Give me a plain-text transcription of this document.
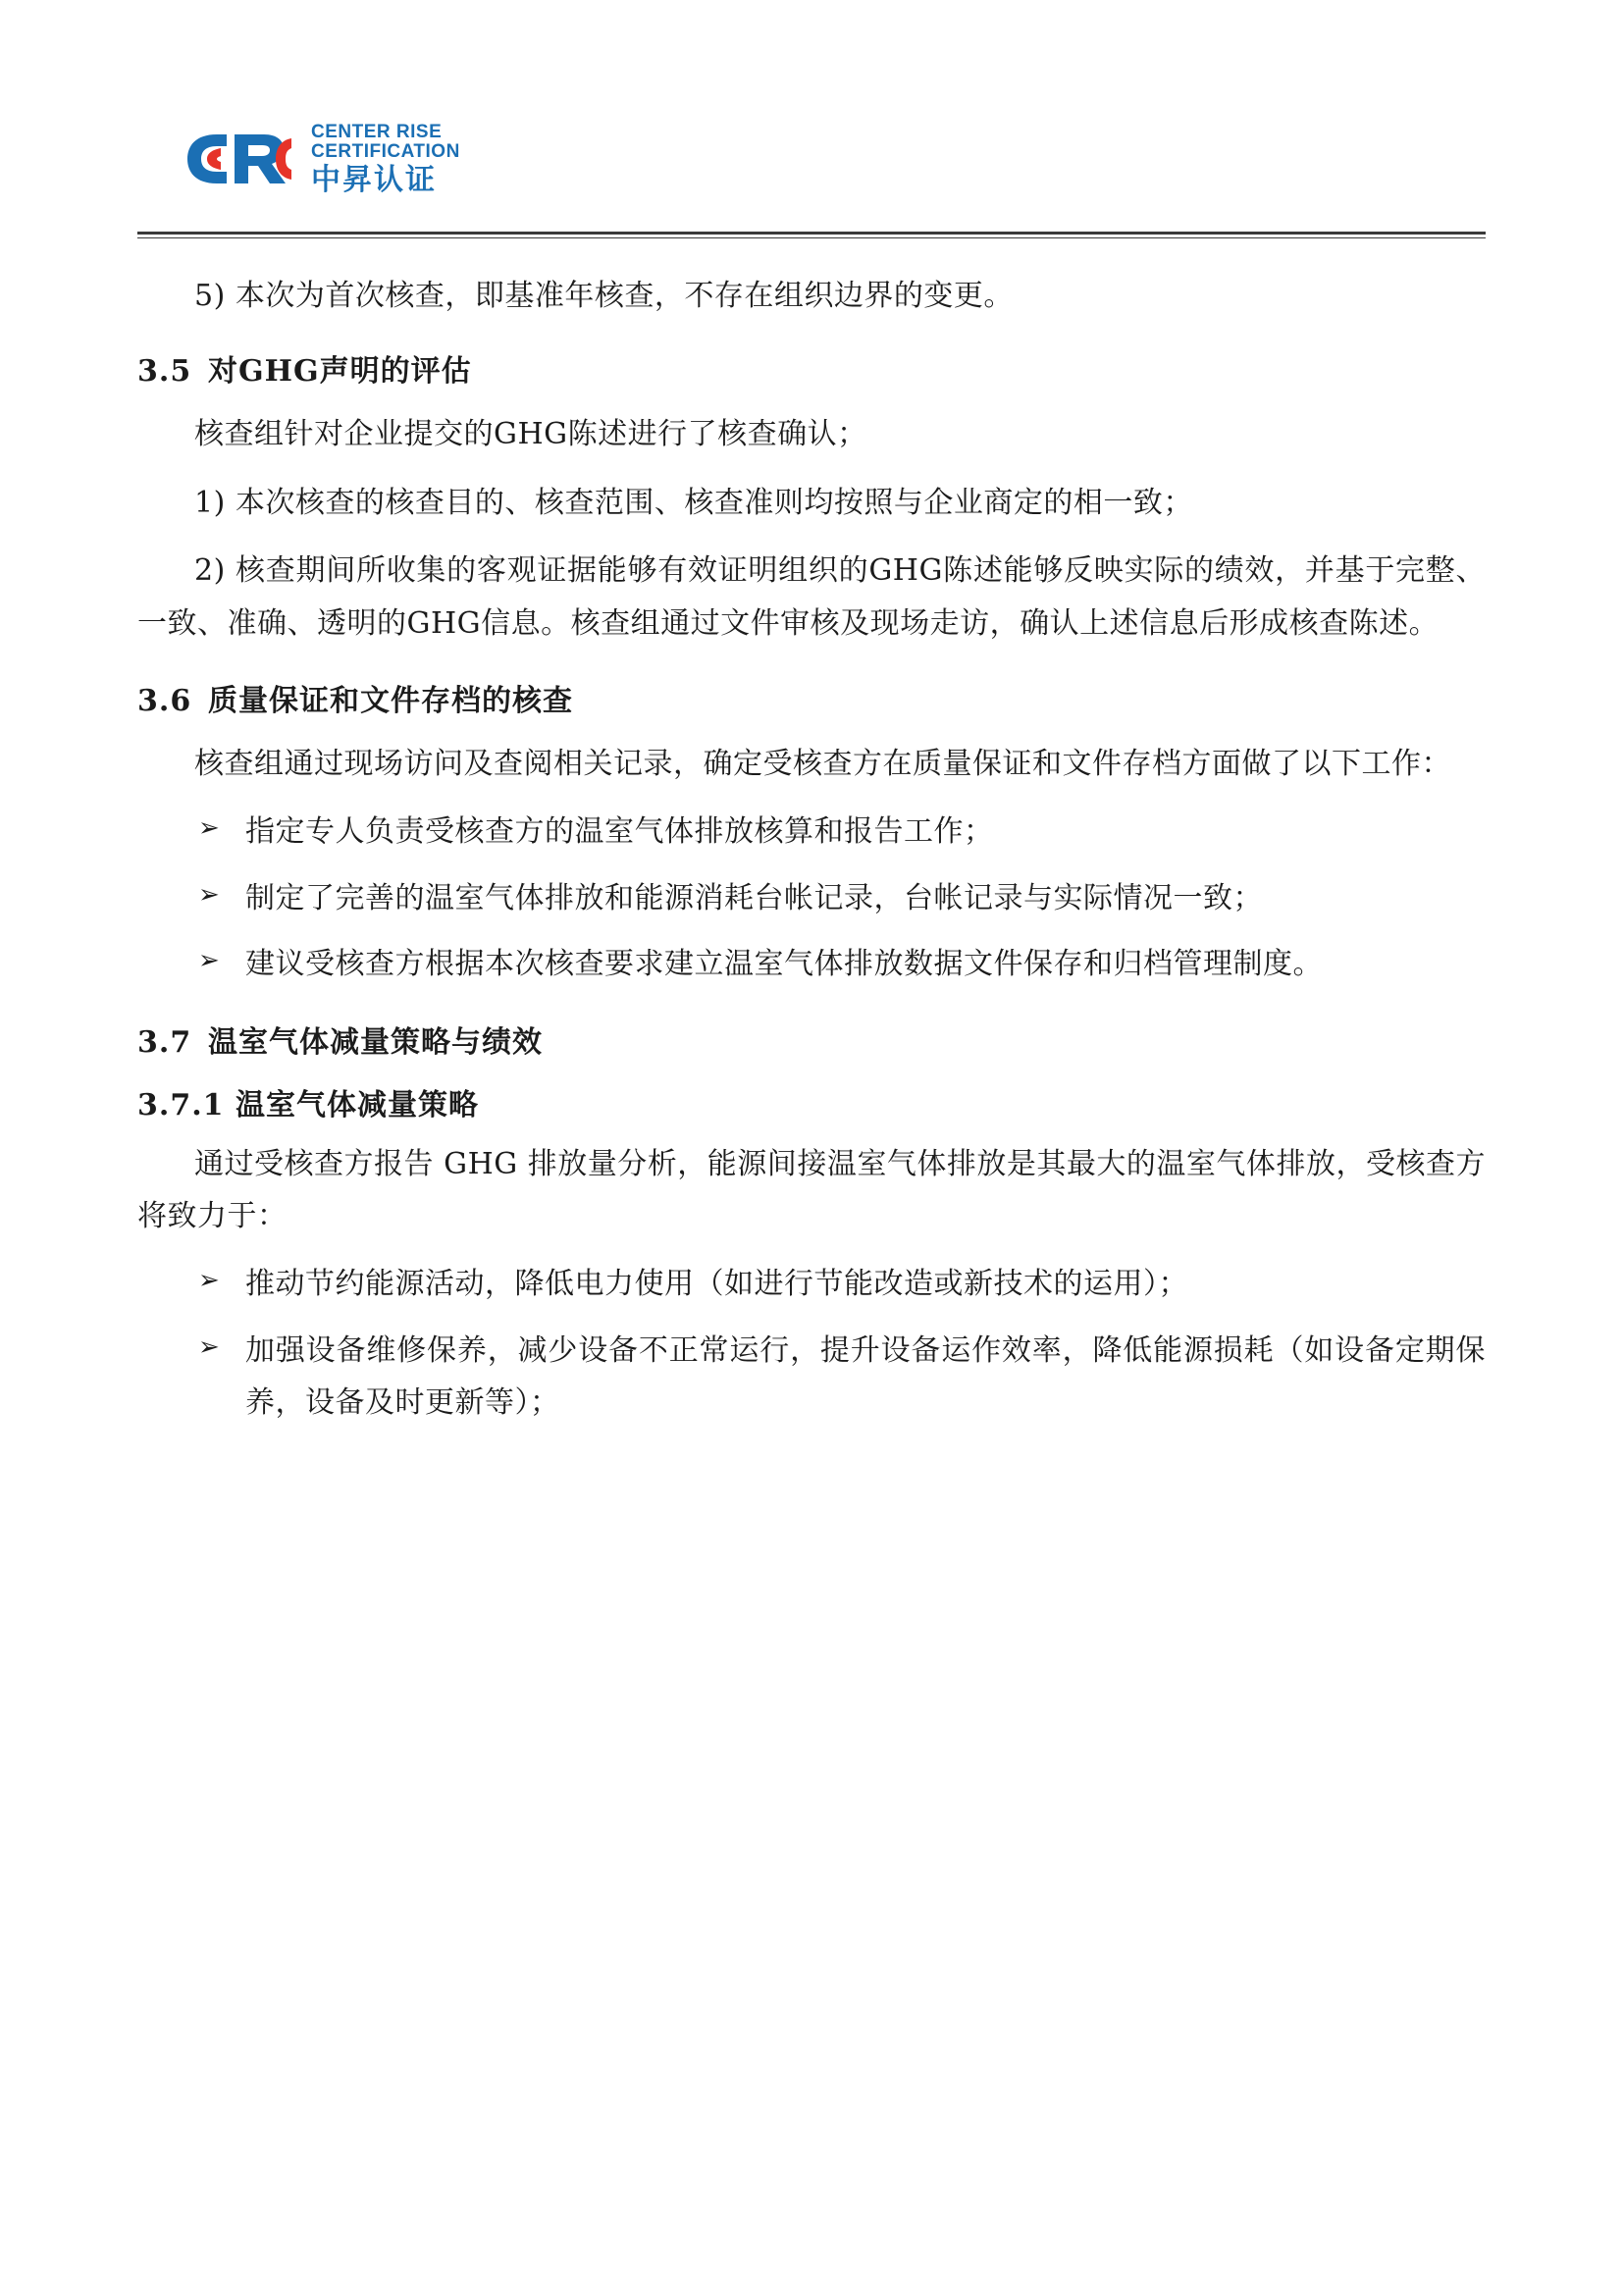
CENTER RISE
CERTIFICATION
中昇认证

5) 本次为首次核查，即基准年核查，不存在组织边界的变更。

3.5 对GHG声明的评估

核查组针对企业提交的GHG陈述进行了核查确认；

1) 本次核查的核查目的、核查范围、核查准则均按照与企业商定的相一致；

2) 核查期间所收集的客观证据能够有效证明组织的GHG陈述能够反映实际的绩效，并基于完整、一致、准确、透明的GHG信息。核查组通过文件审核及现场走访，确认上述信息后形成核查陈述。

3.6 质量保证和文件存档的核查

核查组通过现场访问及查阅相关记录，确定受核查方在质量保证和文件存档方面做了以下工作：

➢ 指定专人负责受核查方的温室气体排放核算和报告工作；
➢ 制定了完善的温室气体排放和能源消耗台帐记录，台帐记录与实际情况一致；
➢ 建议受核查方根据本次核查要求建立温室气体排放数据文件保存和归档管理制度。
3.7 温室气体减量策略与绩效
3.7.1 温室气体减量策略

通过受核查方报告 GHG 排放量分析，能源间接温室气体排放是其最大的温室气体排放，受核查方将致力于：

➢ 推动节约能源活动，降低电力使用（如进行节能改造或新技术的运用）；
➢ 加强设备维修保养，减少设备不正常运行，提升设备运作效率，降低能源损耗（如设备定期保养，设备及时更新等）；
